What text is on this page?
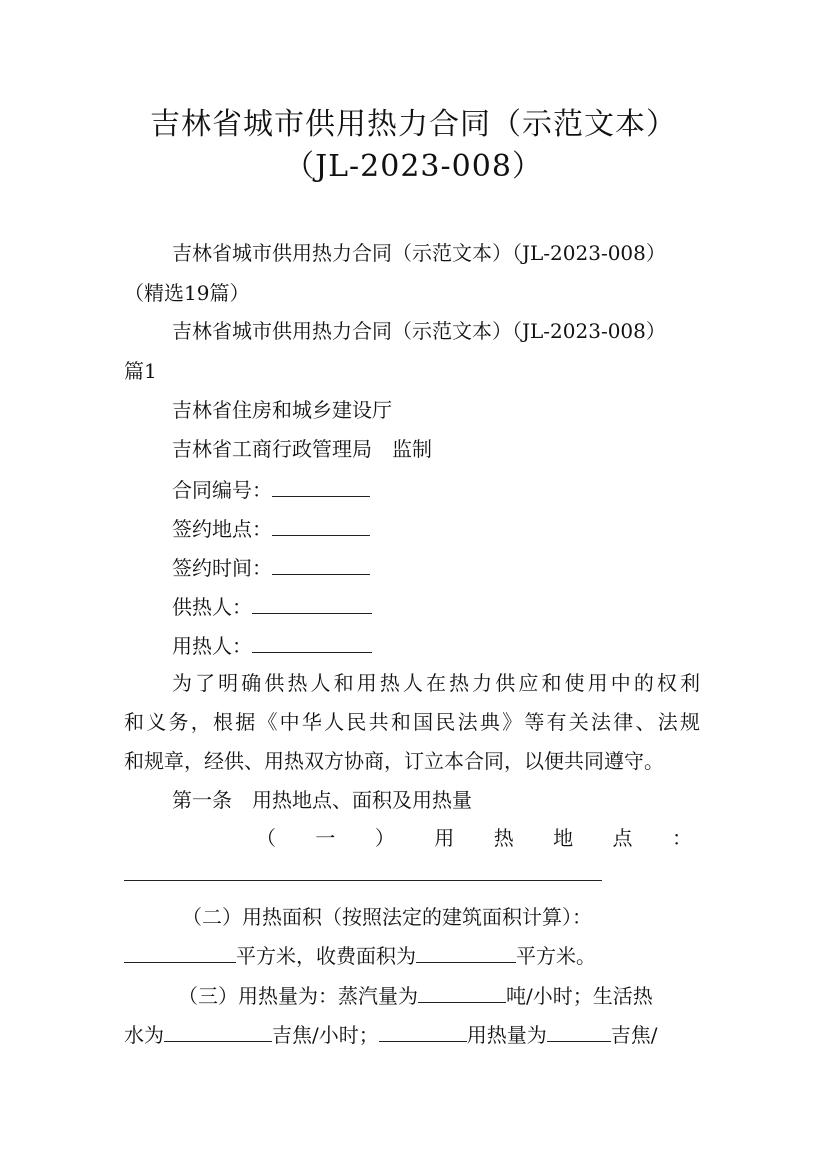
吉林省城市供用热力合同（示范文本）
（JL-2023-008）
吉林省城市供用热力合同（示范文本）（JL-2023-008）
（精选19篇）
吉林省城市供用热力合同（示范文本）（JL-2023-008）
篇1
吉林省住房和城乡建设厅
吉林省工商行政管理局　监制
合同编号：
签约地点：
签约时间：
供热人：
用热人：
为了明确供热人和用热人在热力供应和使用中的权利
和义务，根据《中华人民共和国民法典》等有关法律、法规
和规章，经供、用热双方协商，订立本合同，以便共同遵守。
第一条　用热地点、面积及用热量
（ 一 ） 用 热 地 点 ：
（二）用热面积（按照法定的建筑面积计算）：
平方米，收费面积为	平方米。
（三）用热量为：蒸汽量为	吨/小时；生活热
水为	吉焦/小时；	用热量为	吉焦/
